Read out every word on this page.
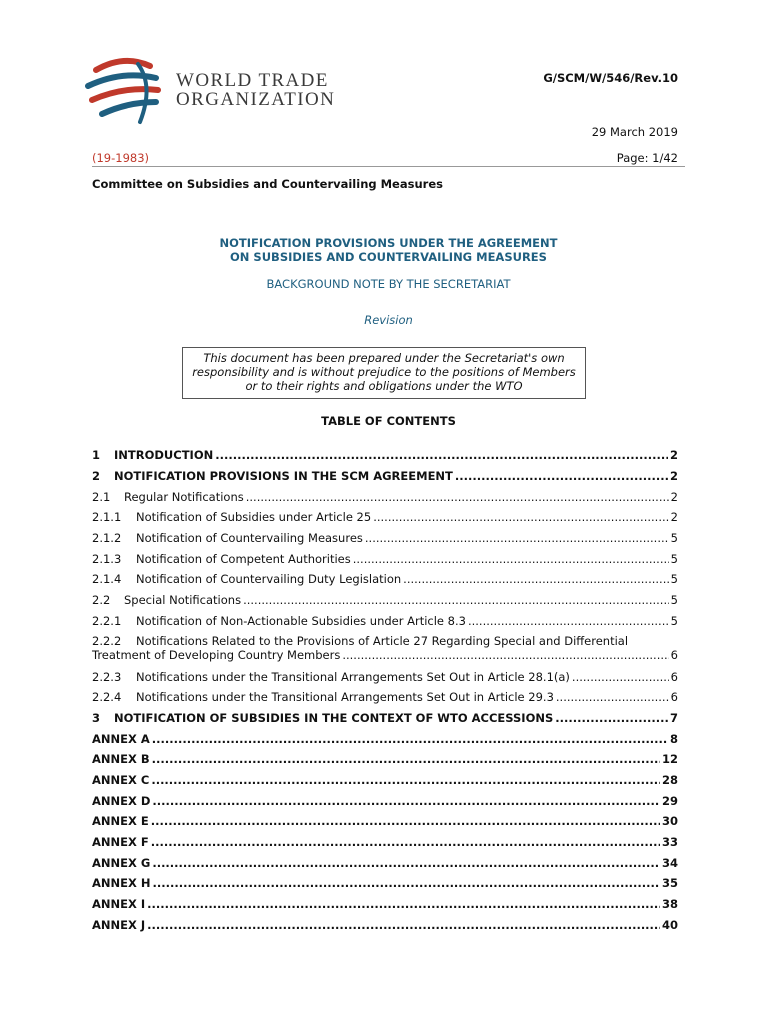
WORLD TRADE
ORGANIZATION
G/SCM/W/546/Rev.10
29 March 2019
(19-1983)	Page: 1/42
Committee on Subsidies and Countervailing Measures
NOTIFICATION PROVISIONS UNDER THE AGREEMENT
ON SUBSIDIES AND COUNTERVAILING MEASURES
BACKGROUND NOTE BY THE SECRETARIAT
Revision
This document has been prepared under the Secretariat's own
responsibility and is without prejudice to the positions of Members
or to their rights and obligations under the WTO
TABLE OF CONTENTS
1	INTRODUCTION .....	2
2	NOTIFICATION PROVISIONS IN THE SCM AGREEMENT .....	2
2.1	Regular Notifications .....	2
2.1.1	Notification of Subsidies under Article 25 .....	2
2.1.2	Notification of Countervailing Measures .....	5
2.1.3	Notification of Competent Authorities .....	5
2.1.4	Notification of Countervailing Duty Legislation .....	5
2.2	Special Notifications .....	5
2.2.1	Notification of Non-Actionable Subsidies under Article 8.3 .....	5
2.2.2 Notifications Related to the Provisions of Article 27 Regarding Special and Differential
Treatment of Developing Country Members .....	6
2.2.3	Notifications under the Transitional Arrangements Set Out in Article 28.1(a) .....	6
2.2.4	Notifications under the Transitional Arrangements Set Out in Article 29.3 .....	6
3	NOTIFICATION OF SUBSIDIES IN THE CONTEXT OF WTO ACCESSIONS .....	7
ANNEX A .....	8
ANNEX B .....	12
ANNEX C .....	28
ANNEX D .....	29
ANNEX E .....	30
ANNEX F .....	33
ANNEX G .....	34
ANNEX H .....	35
ANNEX I .....	38
ANNEX J .....	40
